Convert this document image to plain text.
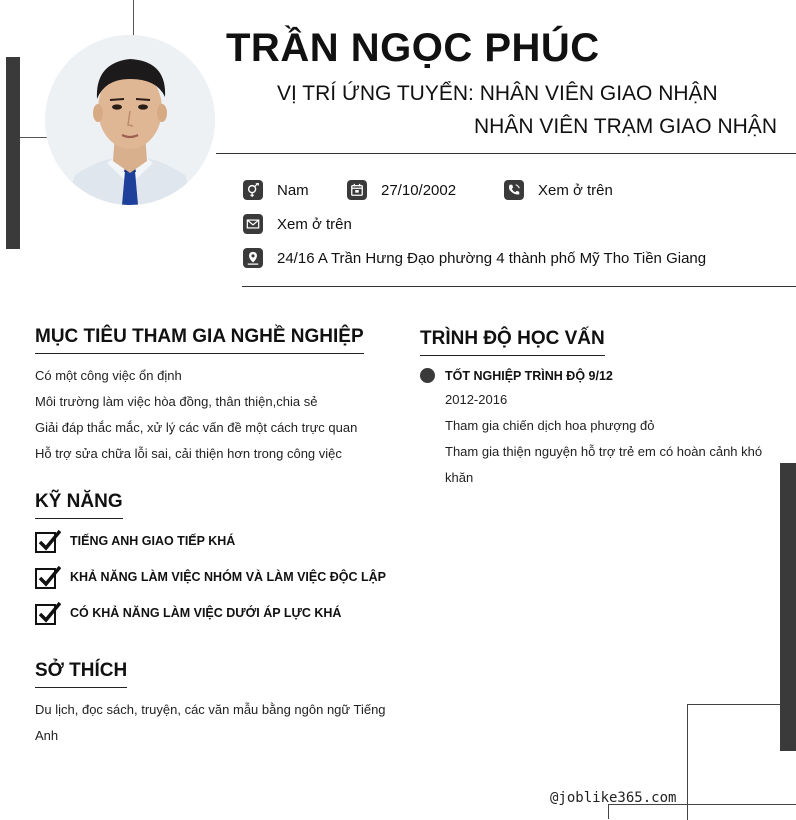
TRẦN NGỌC PHÚC
VỊ TRÍ ỨNG TUYỂN: NHÂN VIÊN GIAO NHẬN
NHÂN VIÊN TRẠM GIAO NHẬN
Nam	27/10/2002	Xem ở trên
Xem ở trên
24/16 A Trần Hưng Đạo phường 4 thành phố Mỹ Tho Tiền Giang
MỤC TIÊU THAM GIA NGHỀ NGHIỆP
Có một công việc ổn định
Môi trường làm việc hòa đồng, thân thiện,chia sẻ
Giải đáp thắc mắc, xử lý các vấn đề một cách trực quan
Hỗ trợ sửa chữa lỗi sai, cải thiện hơn trong công việc
KỸ NĂNG
TIẾNG ANH GIAO TIẾP KHÁ
KHẢ NĂNG LÀM VIỆC NHÓM VÀ LÀM VIỆC ĐỘC LẬP
CÓ KHẢ NĂNG LÀM VIỆC DƯỚI ÁP LỰC KHÁ
SỞ THÍCH
Du lịch, đọc sách, truyện, các văn mẫu bằng ngôn ngữ Tiếng Anh
TRÌNH ĐỘ HỌC VẤN
TỐT NGHIỆP TRÌNH ĐỘ 9/12
2012-2016
Tham gia chiến dịch hoa phượng đỏ
Tham gia thiện nguyện hỗ trợ trẻ em có hoàn cảnh khó khăn
@joblike365.com
